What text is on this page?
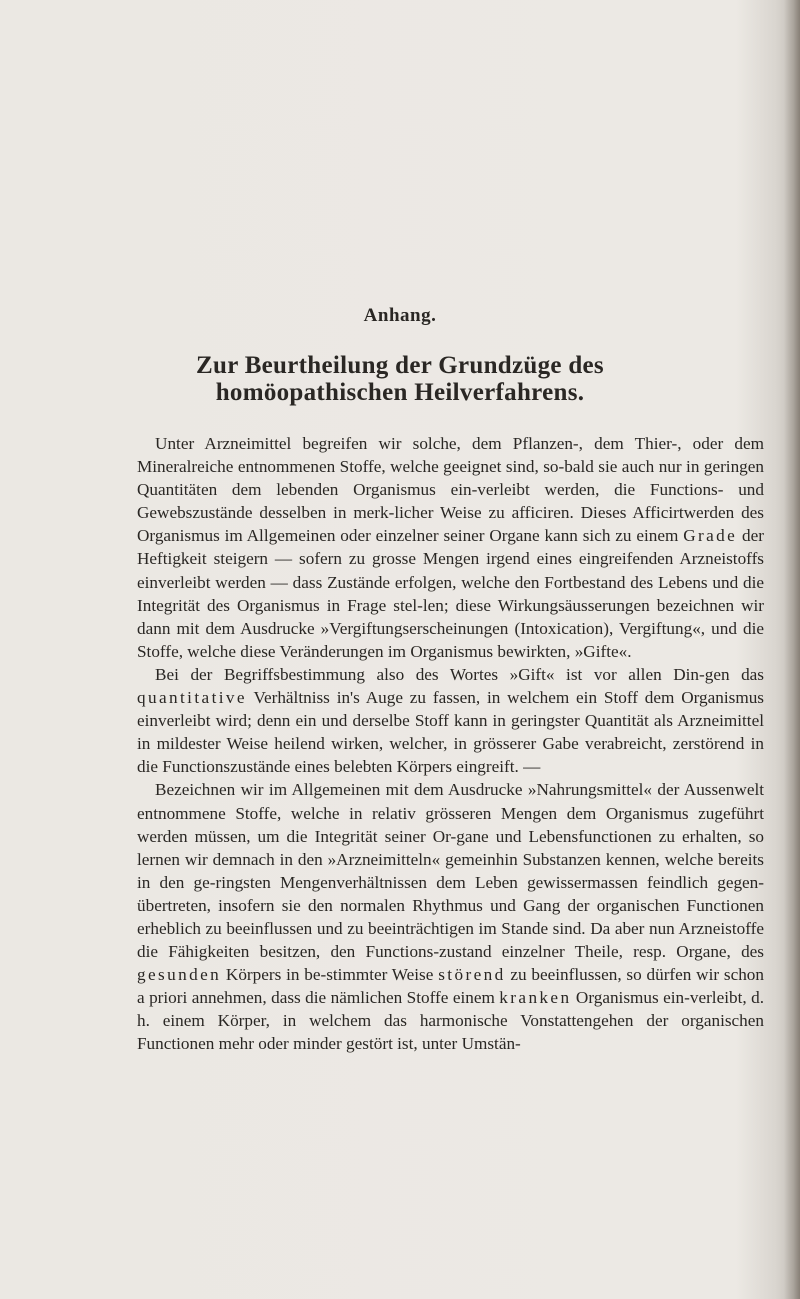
Anhang.
Zur Beurtheilung der Grundzüge des homöopathischen Heilverfahrens.

Unter Arzneimittel begreifen wir solche, dem Pflanzen-, dem Thier-, oder dem Mineralreiche entnommenen Stoffe, welche geeignet sind, so-bald sie auch nur in geringen Quantitäten dem lebenden Organismus ein-verleibt werden, die Functions- und Gewebszustände desselben in merk-licher Weise zu afficiren. Dieses Afficirtwerden des Organismus im Allgemeinen oder einzelner seiner Organe kann sich zu einem Grade der Heftigkeit steigern — sofern zu grosse Mengen irgend eines eingreifenden Arzneistoffs einverleibt werden — dass Zustände erfolgen, welche den Fortbestand des Lebens und die Integrität des Organismus in Frage stel-len; diese Wirkungsäusserungen bezeichnen wir dann mit dem Ausdrucke »Vergiftungserscheinungen (Intoxication), Vergiftung«, und die Stoffe, welche diese Veränderungen im Organismus bewirkten, »Gifte«.

Bei der Begriffsbestimmung also des Wortes »Gift« ist vor allen Din-gen das quantitative Verhältniss in's Auge zu fassen, in welchem ein Stoff dem Organismus einverleibt wird; denn ein und derselbe Stoff kann in geringster Quantität als Arzneimittel in mildester Weise heilend wirken, welcher, in grösserer Gabe verabreicht, zerstörend in die Functionszustände eines belebten Körpers eingreift. —

Bezeichnen wir im Allgemeinen mit dem Ausdrucke »Nahrungsmittel« der Aussenwelt entnommene Stoffe, welche in relativ grösseren Mengen dem Organismus zugeführt werden müssen, um die Integrität seiner Or-gane und Lebensfunctionen zu erhalten, so lernen wir demnach in den »Arzneimitteln« gemeinhin Substanzen kennen, welche bereits in den ge-ringsten Mengenverhältnissen dem Leben gewissermassen feindlich gegen-übertreten, insofern sie den normalen Rhythmus und Gang der organischen Functionen erheblich zu beeinflussen und zu beeinträchtigen im Stande sind. Da aber nun Arzneistoffe die Fähigkeiten besitzen, den Functions-zustand einzelner Theile, resp. Organe, des gesunden Körpers in be-stimmter Weise störend zu beeinflussen, so dürfen wir schon a priori annehmen, dass die nämlichen Stoffe einem kranken Organismus ein-verleibt, d. h. einem Körper, in welchem das harmonische Vonstattengehen der organischen Functionen mehr oder minder gestört ist, unter Umstän-
